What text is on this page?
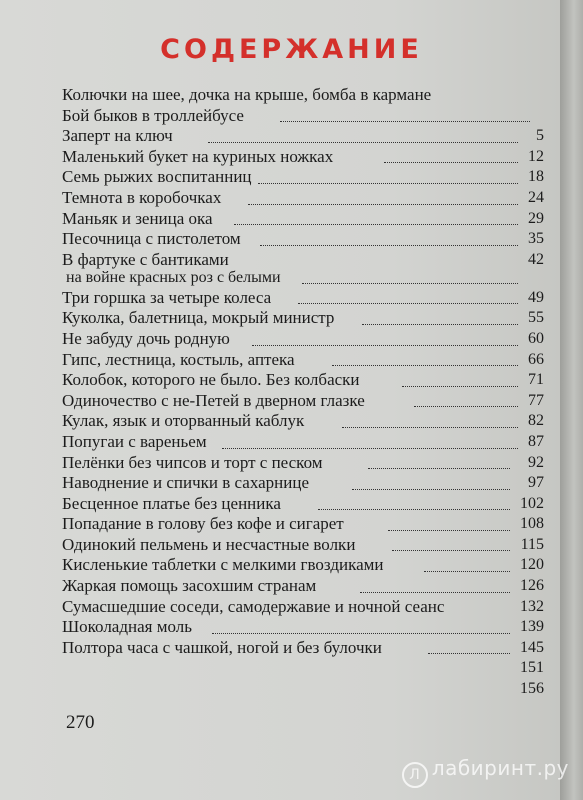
СОДЕРЖАНИЕ
Колючки на шее, дочка на крыше, бомба в кармане
Бой быков в троллейбусе
5
Заперт на ключ
12
Маленький букет на куриных ножках
18
Семь рыжих воспитанниц
24
Темнота в коробочках
29
Маньяк и зеница ока
35
Песочница с пистолетом
42
В фартуке с бантиками
на войне красных роз с белыми
49
Три горшка за четыре колеса
55
Куколка, балетница, мокрый министр
60
Не забуду дочь родную
66
Гипс, лестница, костыль, аптека
71
Колобок, которого не было. Без колбаски
77
Одиночество с не-Петей в дверном глазке
82
Кулак, язык и оторванный каблук
87
Попугаи с вареньем
92
Пелёнки без чипсов и торт с песком
97
Наводнение и спички в сахарнице
102
Бесценное платье без ценника
108
Попадание в голову без кофе и сигарет
115
Одинокий пельмень и несчастные волки
120
Кисленькие таблетки с мелкими гвоздиками
126
Жаркая помощь засохшим странам
132
Сумасшедшие соседи, самодержавие и ночной сеанс
139
Шоколадная моль
145
Полтора часа с чашкой, ногой и без булочки
151
156
270
Л лабиринт.ру
